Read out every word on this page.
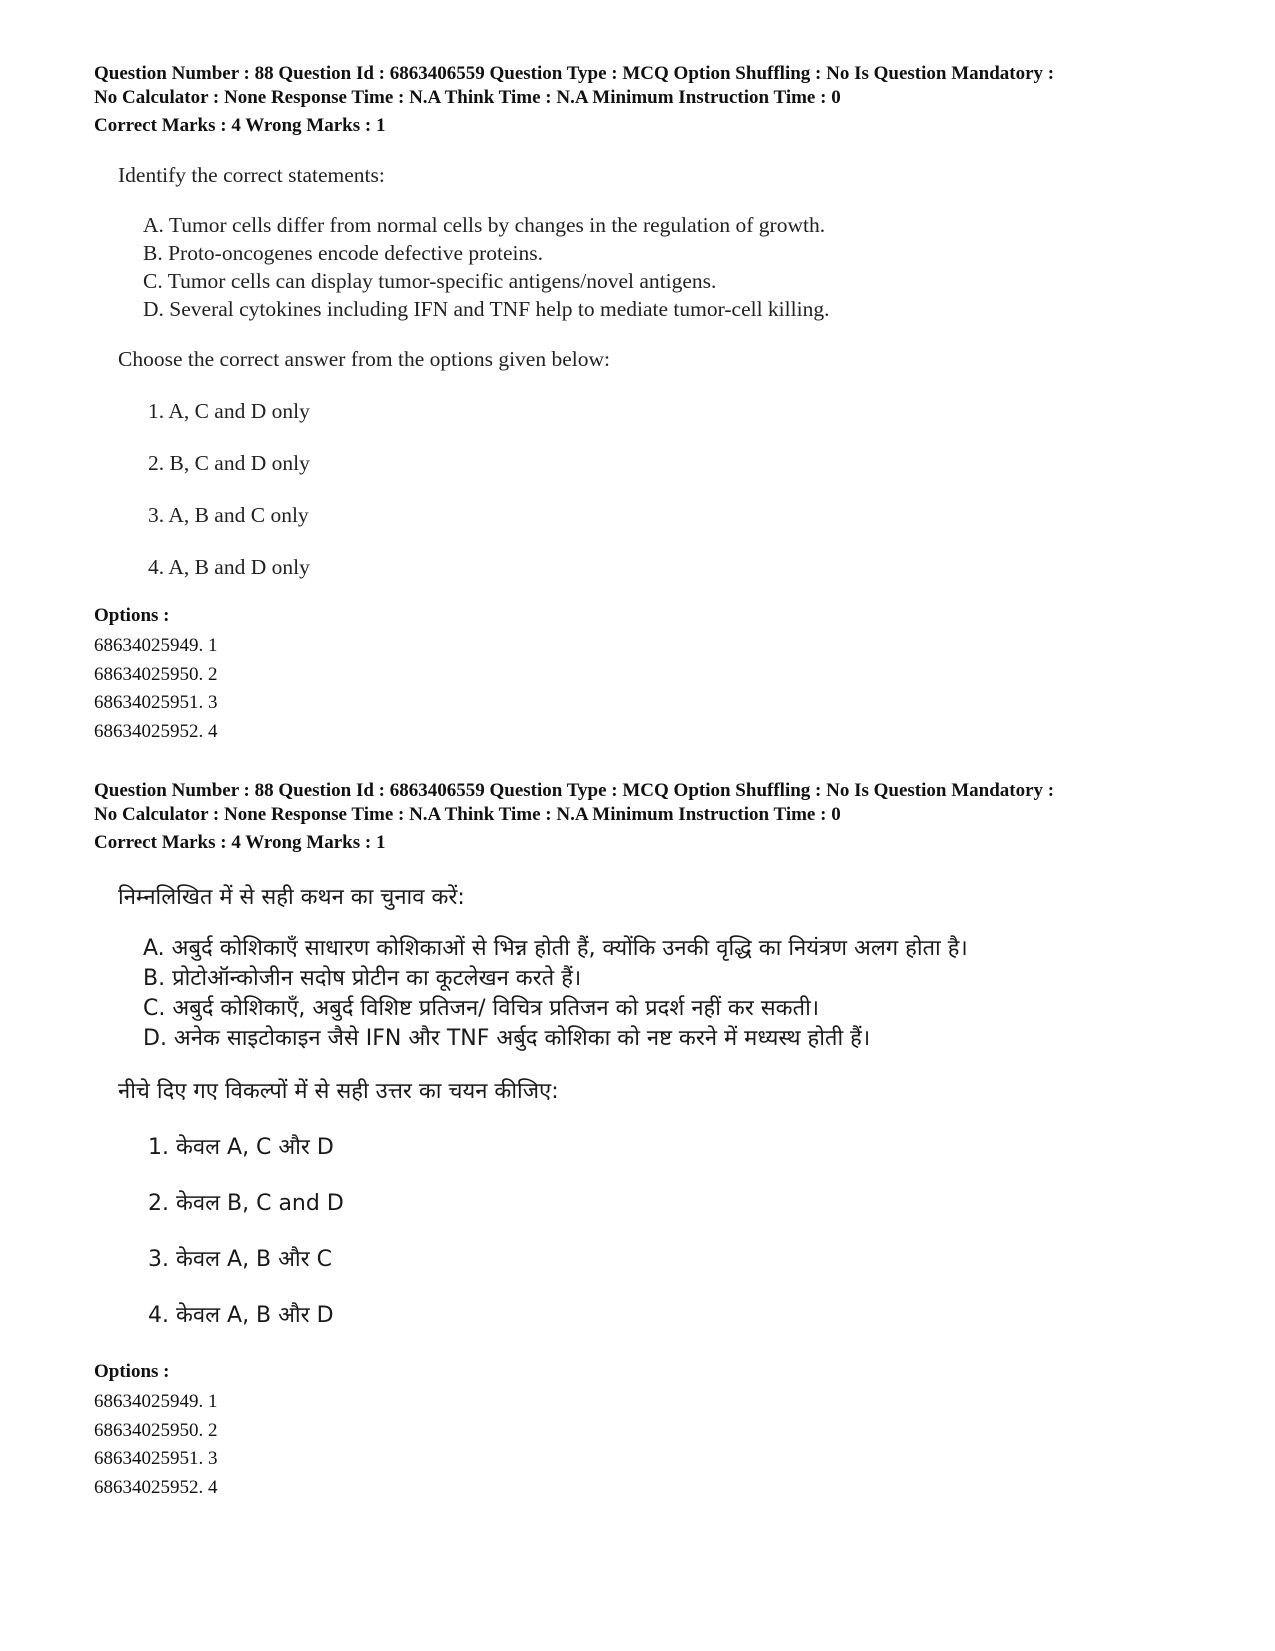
Question Number : 88 Question Id : 6863406559 Question Type : MCQ Option Shuffling : No Is Question Mandatory :

No Calculator : None Response Time : N.A Think Time : N.A Minimum Instruction Time : 0

Correct Marks : 4 Wrong Marks : 1

Identify the correct statements:

A. Tumor cells differ from normal cells by changes in the regulation of growth.

B. Proto-oncogenes encode defective proteins.

C. Tumor cells can display tumor-specific antigens/novel antigens.

D. Several cytokines including IFN and TNF help to mediate tumor-cell killing.

Choose the correct answer from the options given below:

1. A, C and D only

2. B, C and D only

3. A, B and C only

4. A, B and D only

Options :

68634025949. 1

68634025950. 2

68634025951. 3

68634025952. 4

Question Number : 88 Question Id : 6863406559 Question Type : MCQ Option Shuffling : No Is Question Mandatory :

No Calculator : None Response Time : N.A Think Time : N.A Minimum Instruction Time : 0

Correct Marks : 4 Wrong Marks : 1

निम्नलिखित में से सही कथन का चुनाव करें:

A. अबुर्द कोशिकाएँ साधारण कोशिकाओं से भिन्न होती हैं, क्योंकि उनकी वृद्धि का नियंत्रण अलग होता है।

B. प्रोटोऑन्कोजीन सदोष प्रोटीन का कूटलेखन करते हैं।

C. अबुर्द कोशिकाएँ, अबुर्द विशिष्ट प्रतिजन/ विचित्र प्रतिजन को प्रदर्श नहीं कर सकती।

D. अनेक साइटोकाइन जैसे IFN और TNF अर्बुद कोशिका को नष्ट करने में मध्यस्थ होती हैं।

नीचे दिए गए विकल्पों में से सही उत्तर का चयन कीजिए:

1. केवल A, C और D

2. केवल B, C and D

3. केवल A, B और C

4. केवल A, B और D

Options :

68634025949. 1

68634025950. 2

68634025951. 3

68634025952. 4
